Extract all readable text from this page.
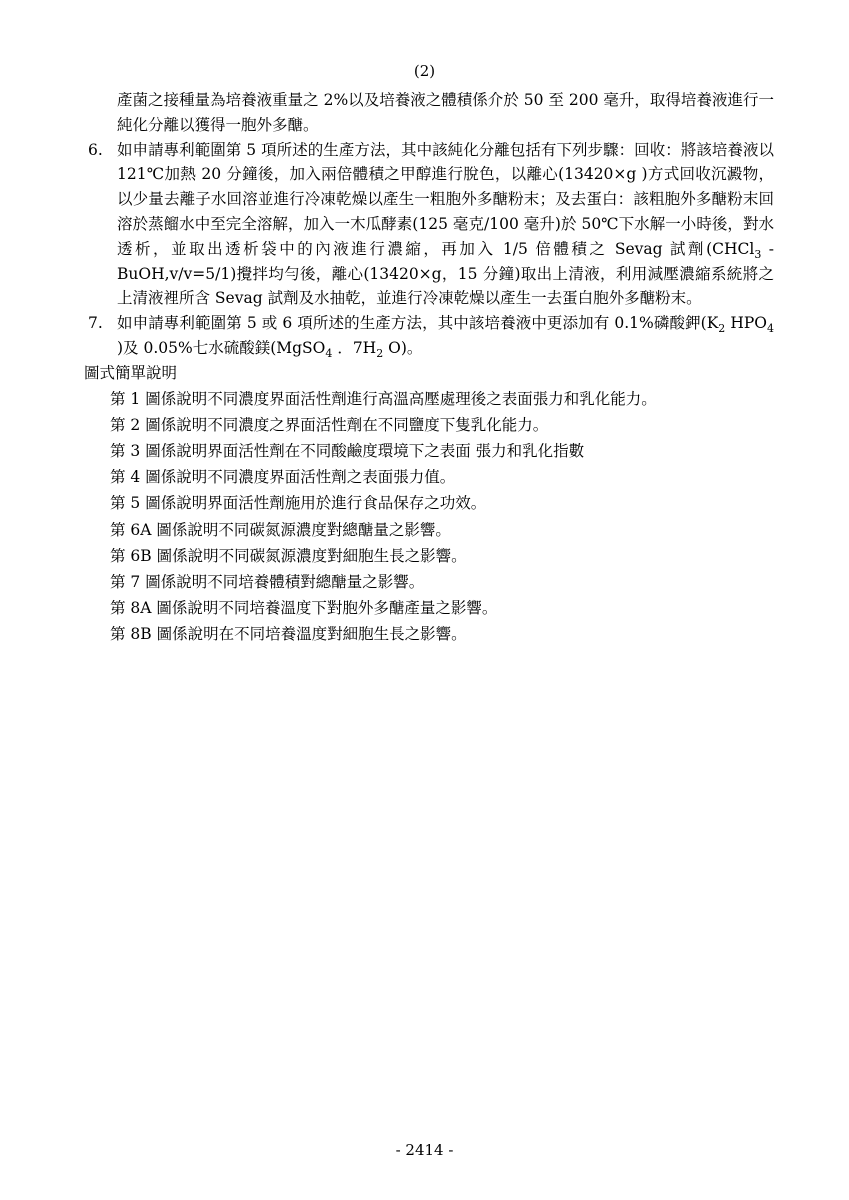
(2)
產菌之接種量為培養液重量之 2%以及培養液之體積係介於 50 至 200 毫升，取得培養液進行一純化分離以獲得一胞外多醣。
6. 如申請專利範圍第 5 項所述的生產方法，其中該純化分離包括有下列步驟：回收：將該培養液以 121℃加熱 20 分鐘後，加入兩倍體積之甲醇進行脫色，以離心(13420×g )方式回收沉澱物，以少量去離子水回溶並進行冷凍乾燥以產生一粗胞外多醣粉末；及去蛋白：該粗胞外多醣粉末回溶於蒸餾水中至完全溶解，加入一木瓜酵素(125 毫克/100 毫升)於 50℃下水解一小時後，對水透析，並取出透析袋中的內液進行濃縮，再加入 1/5 倍體積之 Sevag 試劑(CHCl$_3$ -BuOH,v/v=5/1)攪拌均勻後，離心(13420×g，15 分鐘)取出上清液，利用減壓濃縮系統將之上清液裡所含 Sevag 試劑及水抽乾，並進行冷凍乾燥以產生一去蛋白胞外多醣粉末。
7. 如申請專利範圍第 5 或 6 項所述的生產方法，其中該培養液中更添加有 0.1%磷酸鉀($K_2$ $HPO_4$ )及 0.05%七水硫酸鎂(MgSO$_4$ ．$7H_2$ O)。
圖式簡單說明
第 1 圖係說明不同濃度界面活性劑進行高溫高壓處理後之表面張力和乳化能力。
第 2 圖係說明不同濃度之界面活性劑在不同鹽度下隻乳化能力。
第 3 圖係說明界面活性劑在不同酸鹼度環境下之表面 張力和乳化指數
第 4 圖係說明不同濃度界面活性劑之表面張力值。
第 5 圖係說明界面活性劑施用於進行食品保存之功效。
第 6A 圖係說明不同碳氮源濃度對總醣量之影響。
第 6B 圖係說明不同碳氮源濃度對細胞生長之影響。
第 7 圖係說明不同培養體積對總醣量之影響。
第 8A 圖係說明不同培養溫度下對胞外多醣產量之影響。
第 8B 圖係說明在不同培養溫度對細胞生長之影響。
- 2414 -
